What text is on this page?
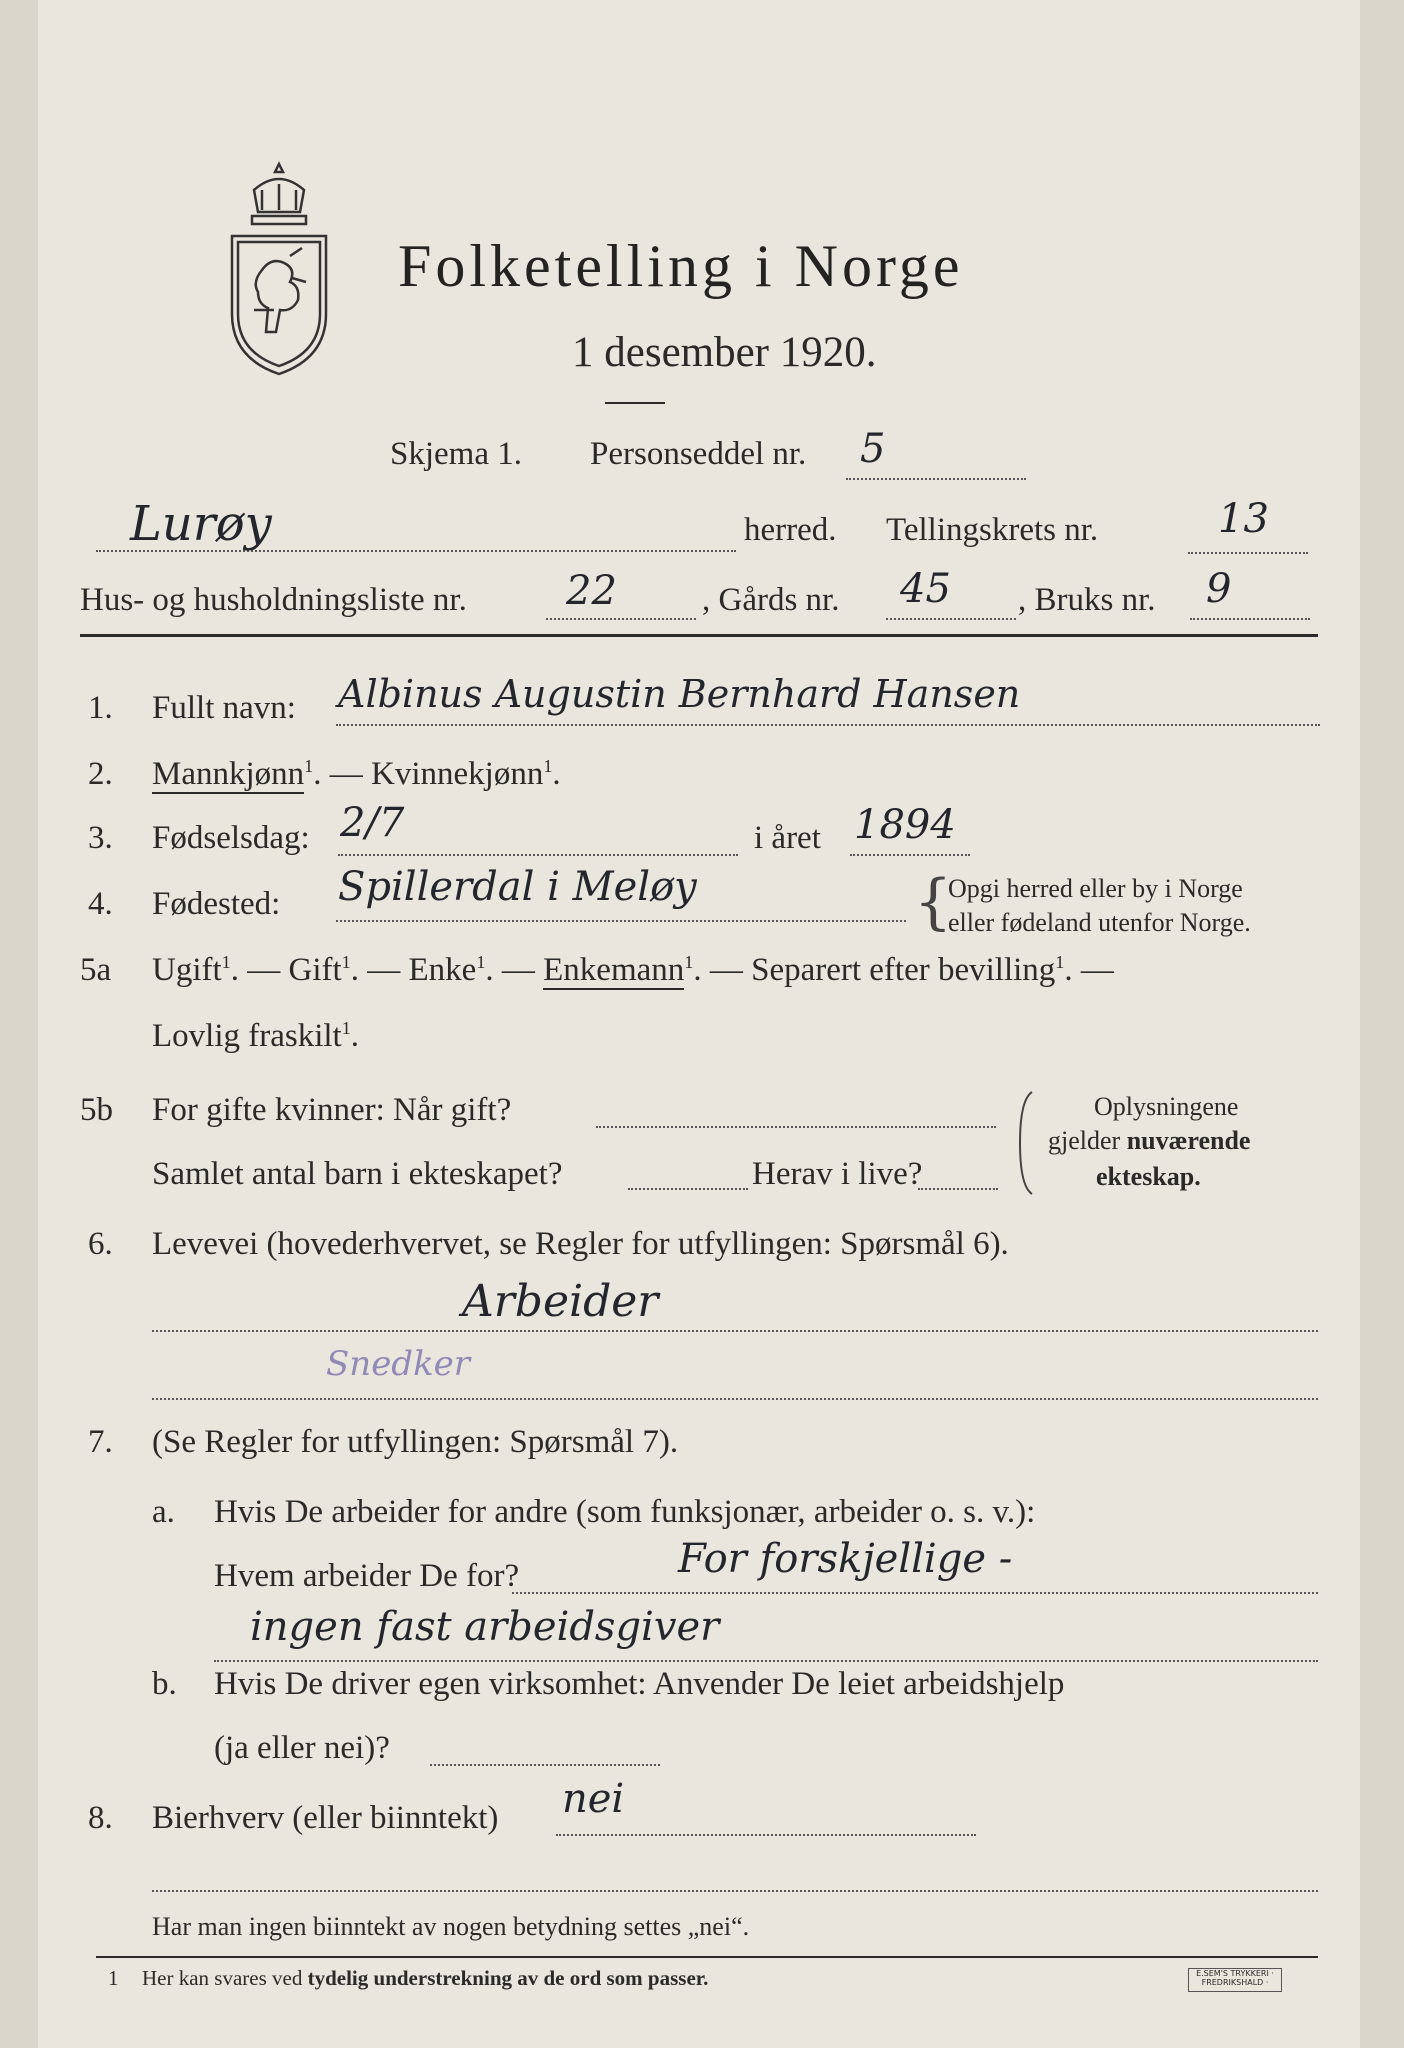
Folketelling i Norge
1 desember 1920.
Skjema 1. Personseddel nr. 5
Lurøy	herred. Tellingskrets nr.	13
Hus- og husholdningsliste nr. 22	, Gårds nr. 45 , Bruks nr. 9
1. Fullt navn: Albinus Augustin Bernhard Hansen
2. Mannkjønn$^1$. — Kvinnekjønn$^1$.
3. Fødselsdag: 2/7	i året 1894
4. Fødested: Spillerdal i Meløy	{
Opgi herred eller by i Norge
eller fødeland utenfor Norge.
5a Ugift$^1$. — Gift$^1$. — Enke$^1$. — Enkemann$^1$. — Separert efter bevilling$^1$. —
Lovlig fraskilt$^1$.
5b For gifte kvinner: Når gift?
Samlet antal barn i ekteskapet?	Herav i live?
Oplysningene
gjelder nuværende
ekteskap.
6. Levevei (hovederhvervet, se Regler for utfyllingen: Spørsmål 6).
Arbeider
Snedker
7. (Se Regler for utfyllingen: Spørsmål 7).
a. Hvis De arbeider for andre (som funksjonær, arbeider o. s. v.):
Hvem arbeider De for?	For forskjellige -
ingen fast arbeidsgiver
b. Hvis De driver egen virksomhet: Anvender De leiet arbeidshjelp
(ja eller nei)?
8. Bierhverv (eller biinntekt) nei
Har man ingen biinntekt av nogen betydning settes „nei“.
1 Her kan svares ved tydelig understrekning av de ord som passer.	E.SEM'S TRYKKERI · FREDRIKSHALD ·
